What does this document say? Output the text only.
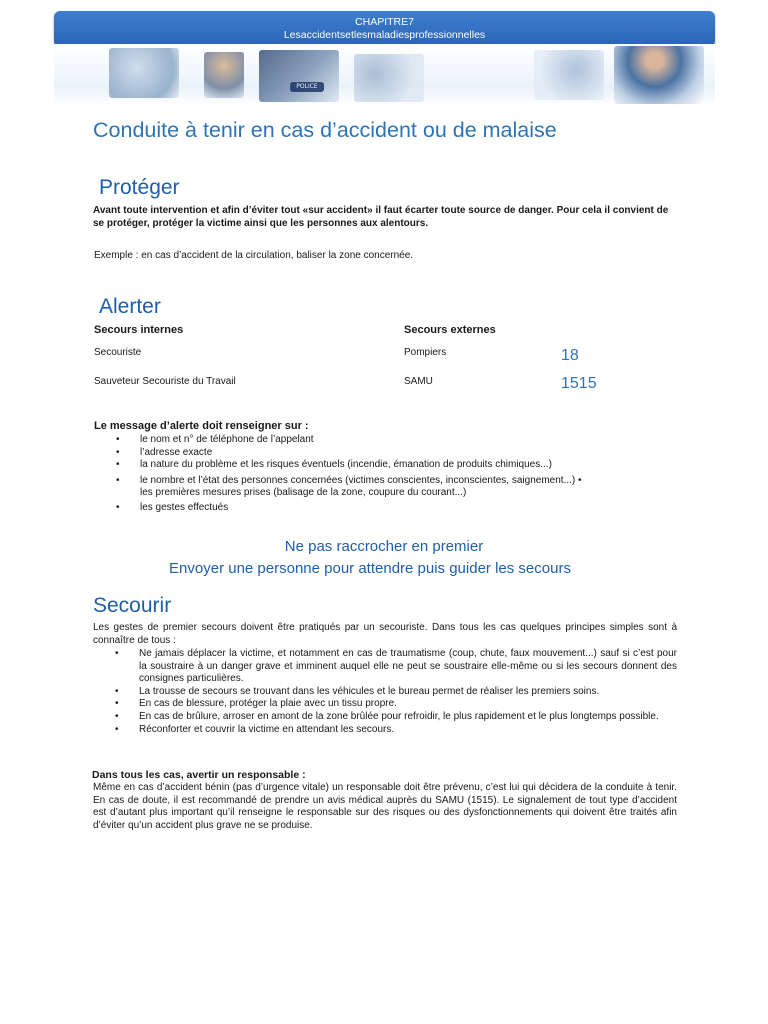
CHAPITRE7
Lesaccidentsetlesmaladiesprofessionnelles
POLICE
Conduite à tenir en cas d’accident ou de malaise
Protéger
Avant toute intervention et afin d’éviter tout «sur accident» il faut écarter toute source de danger. Pour cela il convient de se protéger, protéger la victime ainsi que les personnes aux alentours.
Exemple : en cas d’accident de la circulation, baliser la zone concernée.
Alerter
Secours internes	Secours externes
Secouriste	Pompiers	18
Sauveteur Secouriste du Travail	SAMU	1515
Le message d’alerte doit renseigner sur :
• le nom et n° de téléphone de l’appelant
• l’adresse exacte
• la nature du problème et les risques éventuels (incendie, émanation de produits chimiques...)
• le nombre et l’état des personnes concernées (victimes conscientes, inconscientes, saignement...) •
les premières mesures prises (balisage de la zone, coupure du courant...)
• les gestes effectués
Ne pas raccrocher en premier
Envoyer une personne pour attendre puis guider les secours
Secourir
Les gestes de premier secours doivent être pratiqués par un secouriste. Dans tous les cas quelques principes simples sont à connaître de tous :
• Ne jamais déplacer la victime, et notamment en cas de traumatisme (coup, chute, faux mouvement...) sauf si c’est pour la soustraire à un danger grave et imminent auquel elle ne peut se soustraire elle-même ou si les secours donnent des consignes particulières.
• La trousse de secours se trouvant dans les véhicules et le bureau permet de réaliser les premiers soins.
• En cas de blessure, protéger la plaie avec un tissu propre.
• En cas de brûlure, arroser en amont de la zone brûlée pour refroidir, le plus rapidement et le plus longtemps possible.
• Réconforter et couvrir la victime en attendant les secours.
Dans tous les cas, avertir un responsable :
Même en cas d’accident bénin (pas d’urgence vitale) un responsable doit être prévenu, c’est lui qui décidera de la conduite à tenir. En cas de doute, il est recommandé de prendre un avis médical auprès du SAMU (1515). Le signalement de tout type d’accident est d’autant plus important qu’il renseigne le responsable sur des risques ou des dysfonctionnements qui doivent être traités afin d’éviter qu’un accident plus grave ne se produise.
